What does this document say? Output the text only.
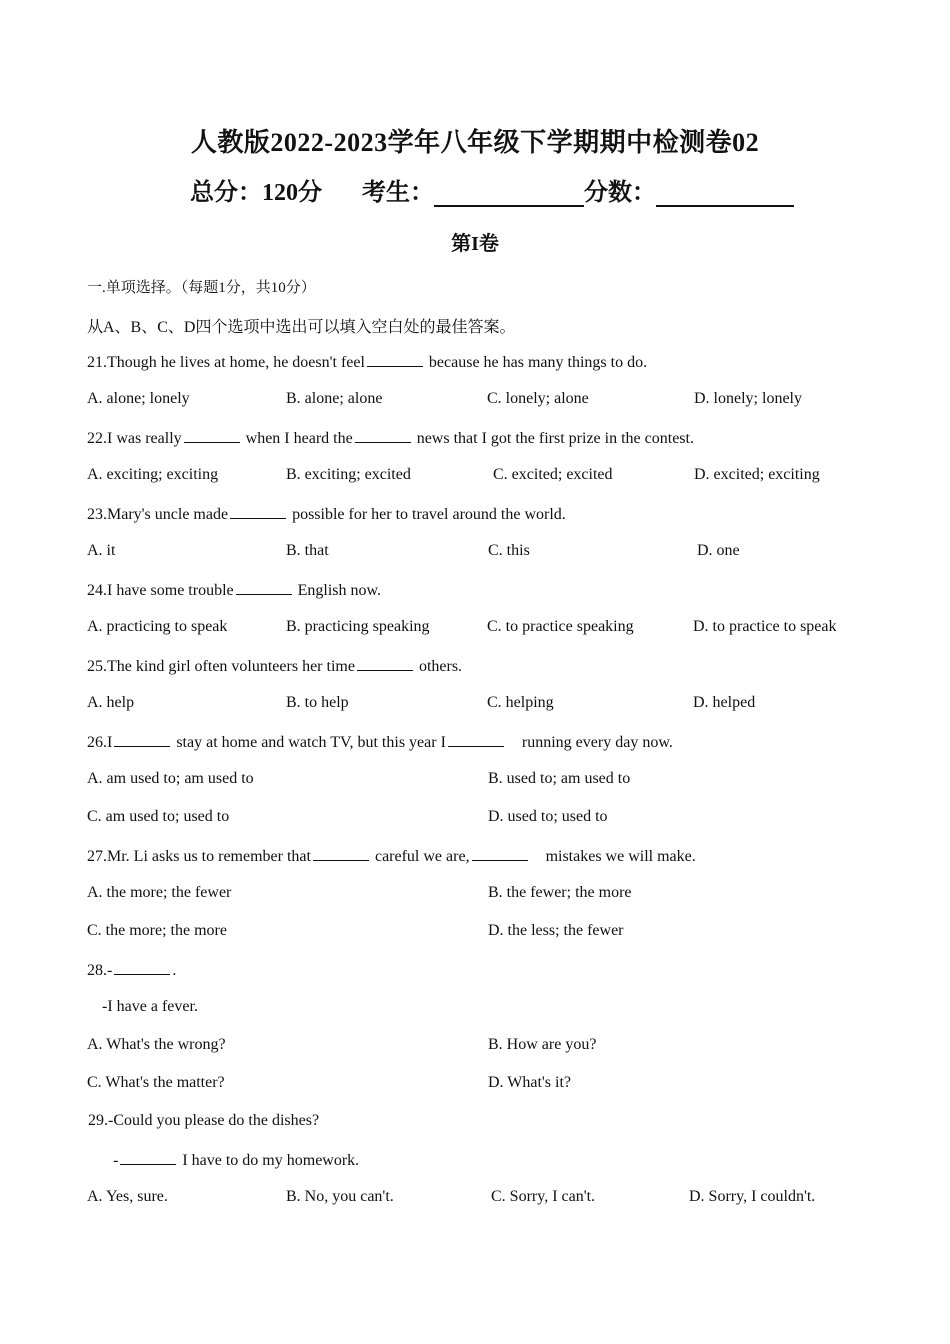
人教版2022-2023学年八年级下学期期中检测卷02
总分：120分 考生：	分数：
第I卷
一.单项选择。（每题1分，共10分）
从A、B、C、D四个选项中选出可以填入空白处的最佳答案。
21.Though he lives at home, he doesn't feel	because he has many things to do.
A. alone; lonely	B. alone; alone	C. lonely; alone	D. lonely; lonely
22.I was really	when I heard the	news that I got the first prize in the contest.
A. exciting; exciting	B. exciting; excited	C. excited; excited	D. excited; exciting
23.Mary's uncle made	possible for her to travel around the world.
A. it	B. that	C. this	D. one
24.I have some trouble	English now.
A. practicing to speak	B. practicing speaking	C. to practice speaking	D. to practice to speak
25.The kind girl often volunteers her time	others.
A. help	B. to help	C. helping	D. helped
26.I	stay at home and watch TV, but this year I	running every day now.
A. am used to; am used to	B. used to; am used to
C. am used to; used to	D. used to; used to
27.Mr. Li asks us to remember that	careful we are,	mistakes we will make.
A. the more; the fewer	B. the fewer; the more
C. the more; the more	D. the less; the fewer
28.-	.
-I have a fever.
A. What's the wrong?	B. How are you?
C. What's the matter?	D. What's it?
29.-Could you please do the dishes?
-	I have to do my homework.
A. Yes, sure.	B. No, you can't.	C. Sorry, I can't.	D. Sorry, I couldn't.
